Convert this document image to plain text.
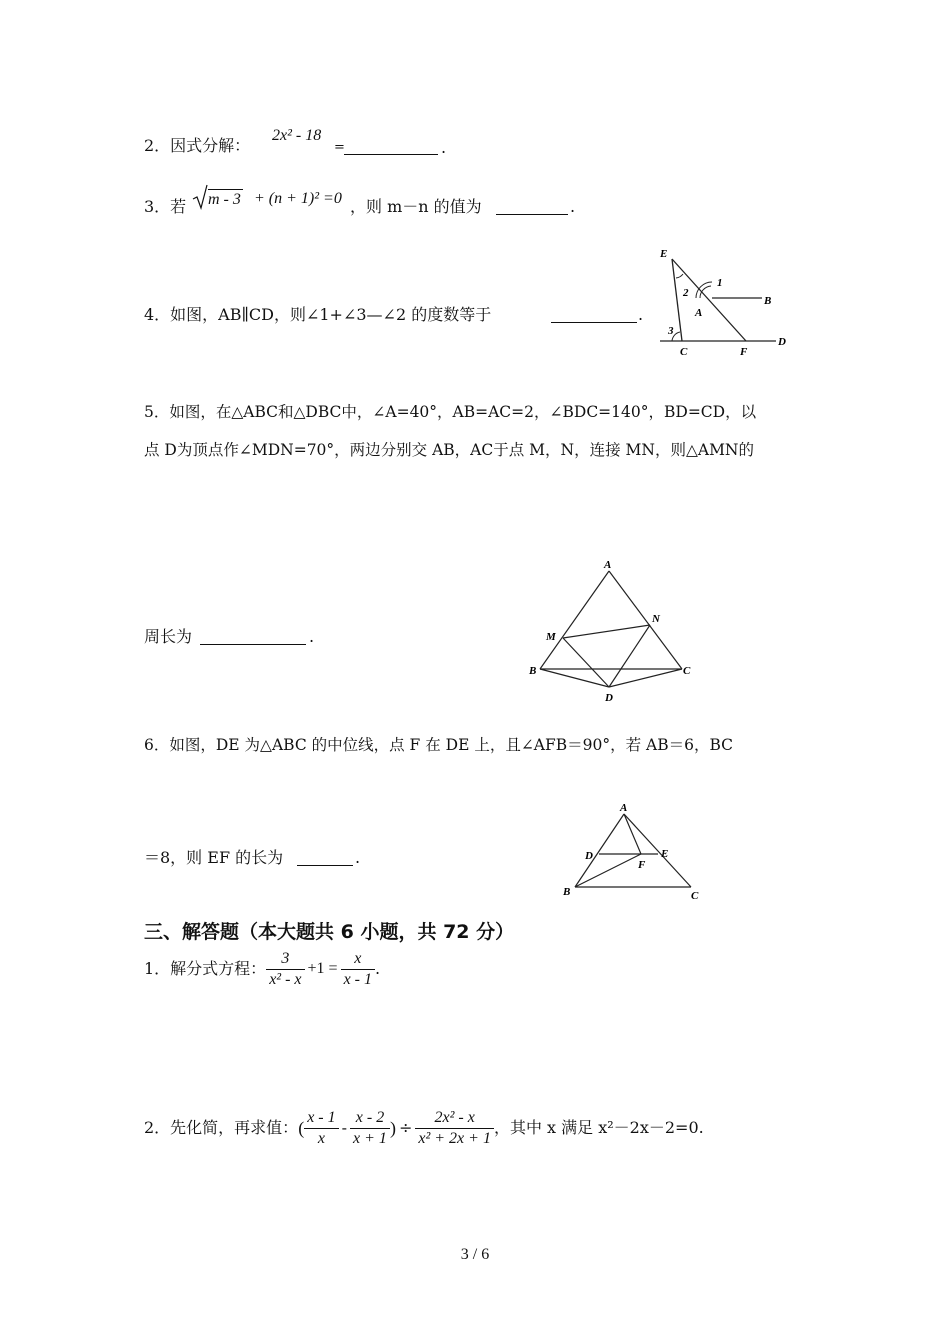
2．因式分解：
2x² - 18
=	.
3．若 m - 3 + (n + 1)² =0 ，则 m－n 的值为	.
4．如图，AB∥CD，则∠1+∠3—∠2 的度数等于	.
E
1
2
A
B
3
C	F
D
5．如图，在△ABC和△DBC中，∠A=40°，AB=AC=2，∠BDC=140°，BD=CD，以
点 D为顶点作∠MDN=70°，两边分别交 AB，AC于点 M，N，连接 MN，则△AMN的
周长为	.
A
N
M
B	C
D
6．如图，DE 为△ABC 的中位线，点 F 在 DE 上，且∠AFB＝90°，若 AB＝6，BC
＝8，则 EF 的长为	.
A
D	E
F
B	C
三、解答题（本大题共 6 小题，共 72 分）
1．解分式方程： $\frac{3}{\text{x² - x}} +1 = \frac{x}{x - 1}$ .
2．先化简，再求值： ( $\frac{x - 1}{x} - \frac{x - 2}{x + 1}$ ) ÷ $\frac{\text{2x² - x}}{\text{x² + 2x + 1}}$ ，其中 x 满足 x²－2x－2=0.
3 / 6
